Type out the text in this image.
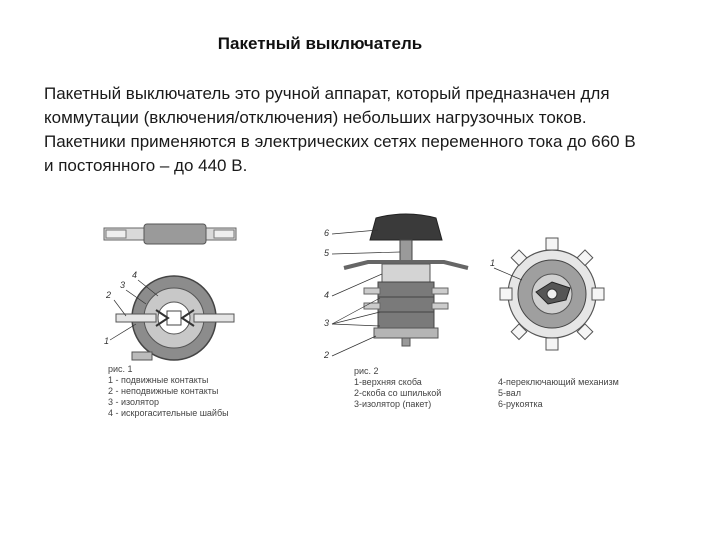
Пакетный выключатель
Пакетный выключатель это ручной аппарат, который предназначен для коммутации (включения/отключения) небольших нагрузочных токов. Пакетники применяются в электрических сетях переменного тока до 660 В и постоянного – до 440 В.
4
3
2
1
рис. 1
1 - подвижные контакты
2 - неподвижные контакты
3 - изолятор
4 - искрогасительные шайбы
6
5
4
3
2
рис. 2
1-верхняя скоба
2-скоба со шпилькой
3-изолятор (пакет)
4-переключающий механизм
5-вал
6-рукоятка
1
